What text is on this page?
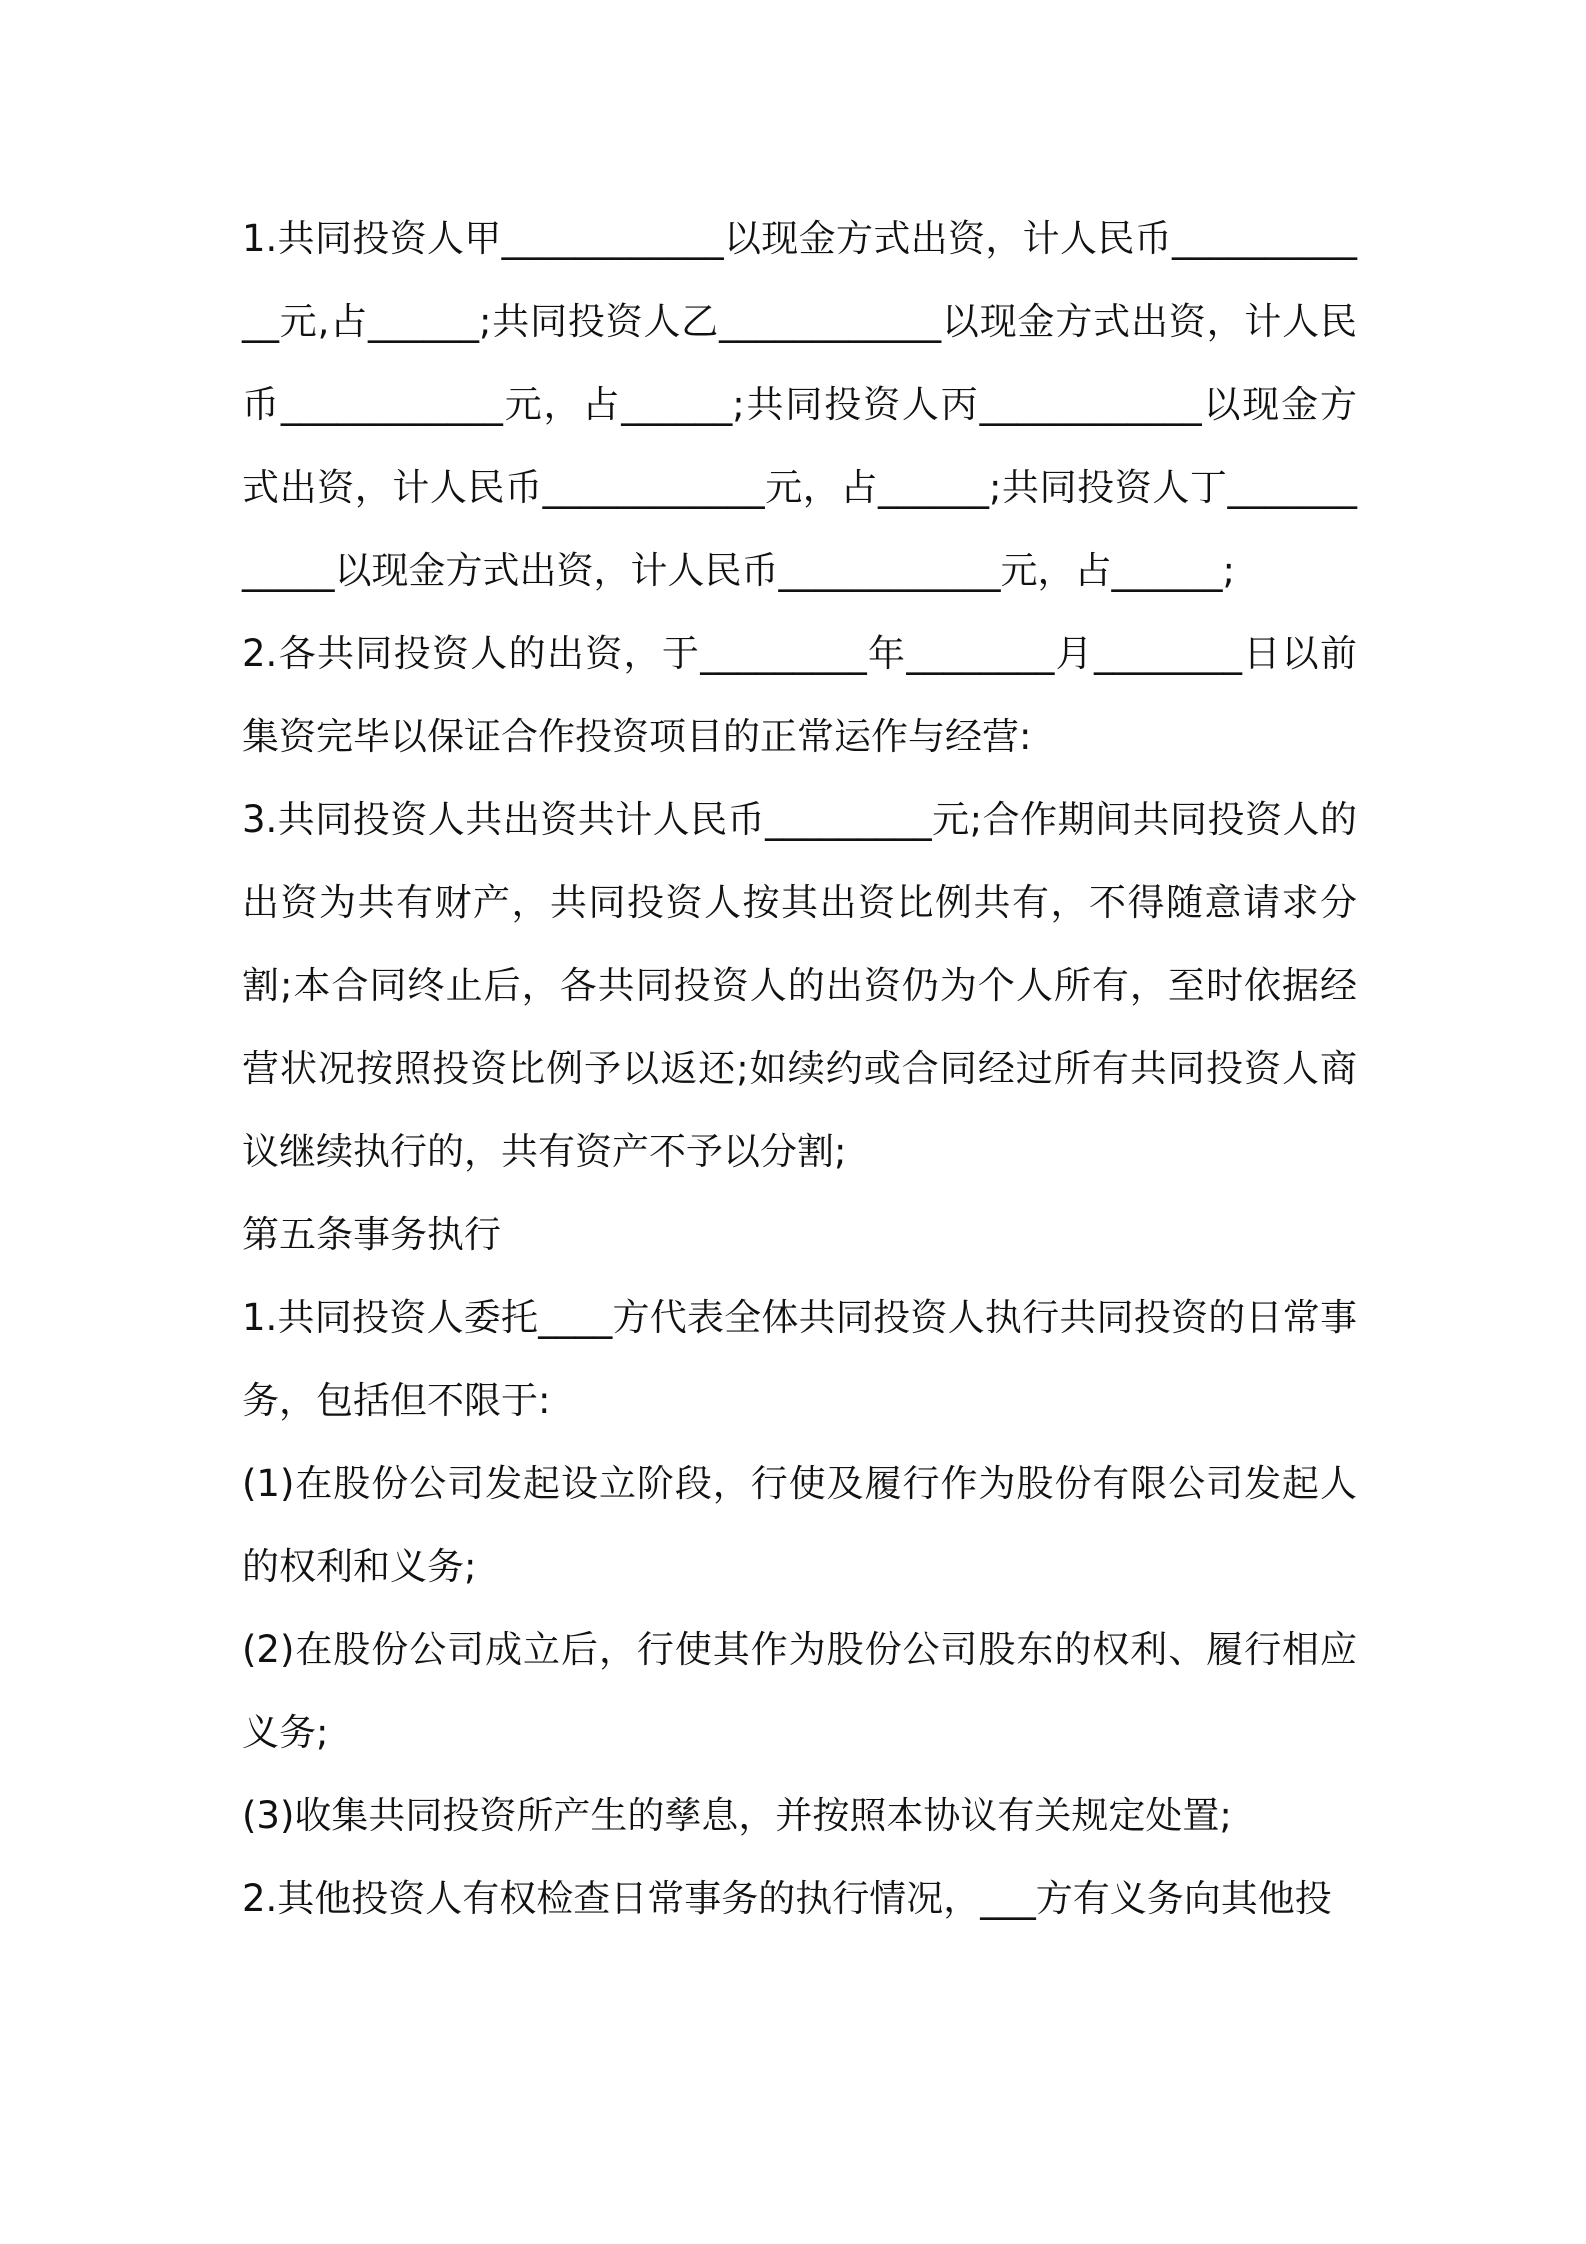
1.共同投资人甲____________以现金方式出资，计人民币____________元,占______;共同投资人乙____________以现金方式出资，计人民币____________元，占______;共同投资人丙____________以现金方式出资，计人民币____________元，占______;共同投资人丁____________以现金方式出资，计人民币____________元，占______;

2.各共同投资人的出资，于_________年________月________日以前集资完毕以保证合作投资项目的正常运作与经营:

3.共同投资人共出资共计人民币_________元;合作期间共同投资人的出资为共有财产，共同投资人按其出资比例共有，不得随意请求分割;本合同终止后，各共同投资人的出资仍为个人所有，至时依据经营状况按照投资比例予以返还;如续约或合同经过所有共同投资人商议继续执行的，共有资产不予以分割;

第五条事务执行

1.共同投资人委托____方代表全体共同投资人执行共同投资的日常事务，包括但不限于:

(1)在股份公司发起设立阶段，行使及履行作为股份有限公司发起人的权利和义务;

(2)在股份公司成立后，行使其作为股份公司股东的权利、履行相应义务;

(3)收集共同投资所产生的孳息，并按照本协议有关规定处置;

2.其他投资人有权检查日常事务的执行情况，___方有义务向其他投
